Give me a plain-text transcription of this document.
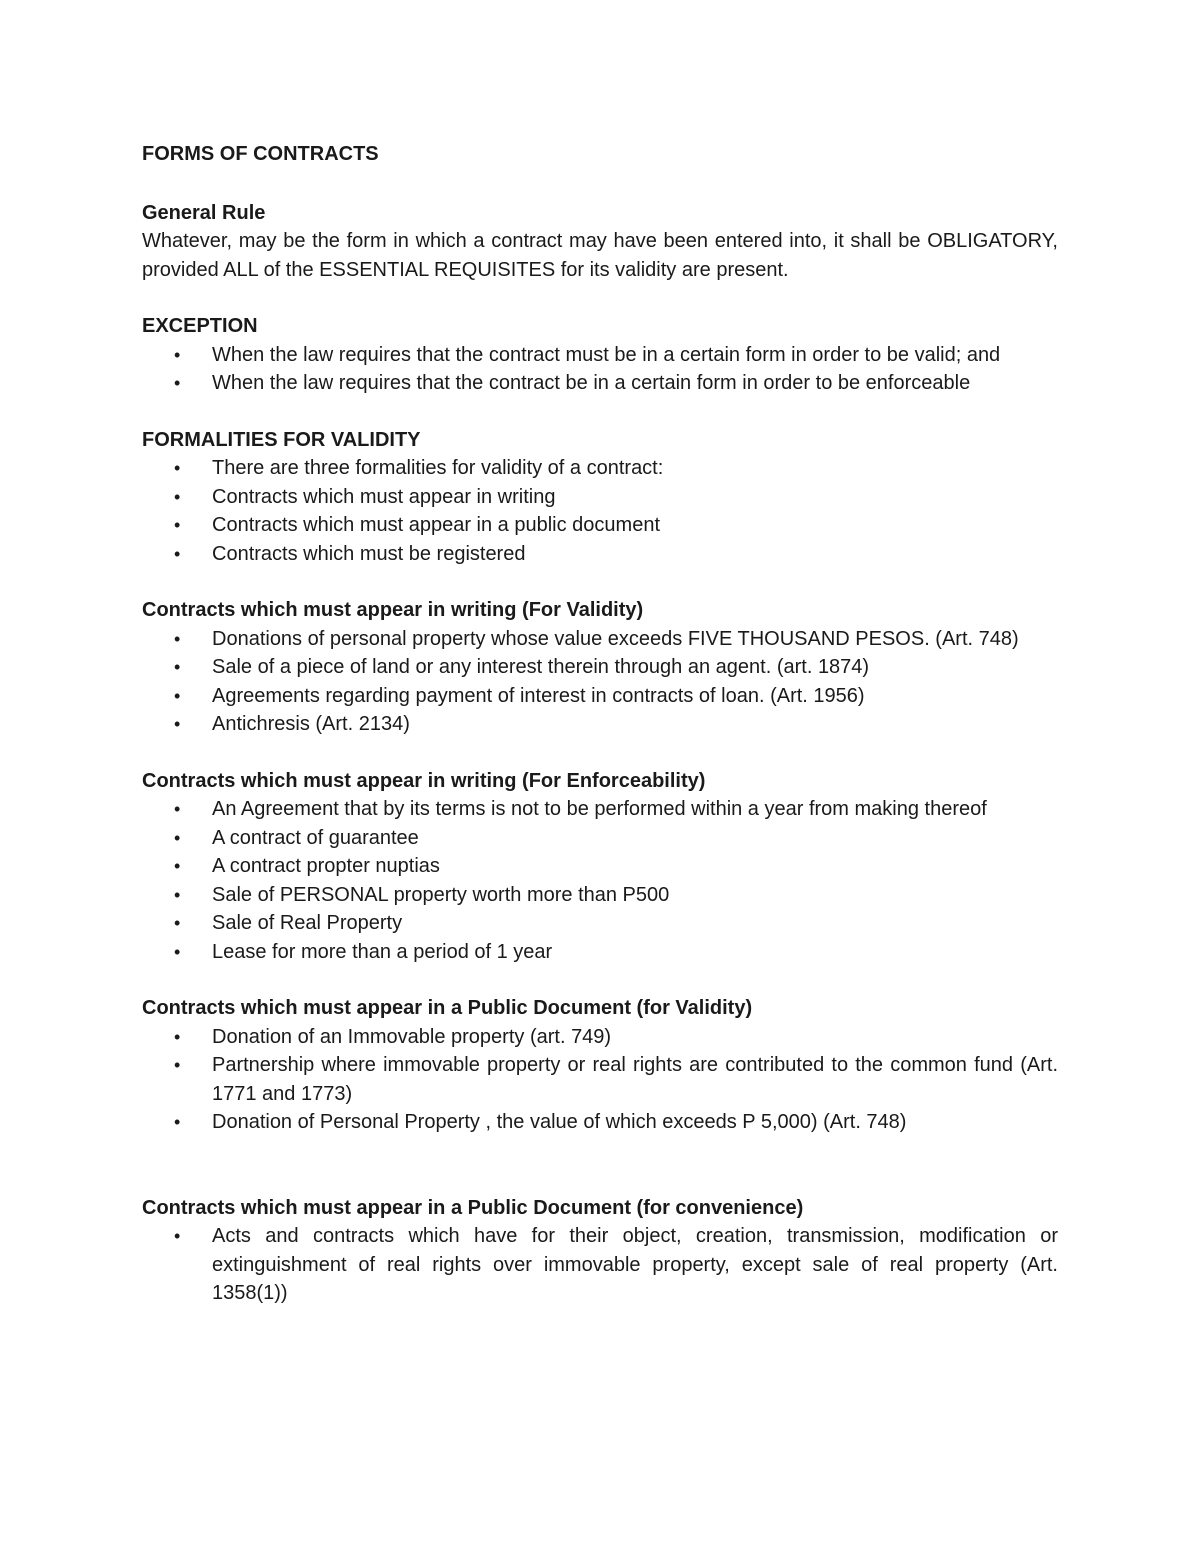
FORMS OF CONTRACTS

General Rule

Whatever, may be the form in which a contract may have been entered into, it shall be OBLIGATORY, provided ALL of the ESSENTIAL REQUISITES for its validity are present.

EXCEPTION

• When the law requires that the contract must be in a certain form in order to be valid; and
• When the law requires that the contract be in a certain form in order to be enforceable

FORMALITIES FOR VALIDITY

• There are three formalities for validity of a contract:
• Contracts which must appear in writing
• Contracts which must appear in a public document
• Contracts which must be registered

Contracts which must appear in writing (For Validity)

• Donations of personal property whose value exceeds FIVE THOUSAND PESOS. (Art. 748)
• Sale of a piece of land or any interest therein through an agent. (art. 1874)
• Agreements regarding payment of interest in contracts of loan. (Art. 1956)
• Antichresis (Art. 2134)

Contracts which must appear in writing (For Enforceability)

• An Agreement that by its terms is not to be performed within a year from making thereof
• A contract of guarantee
• A contract propter nuptias
• Sale of PERSONAL property worth more than P500
• Sale of Real Property
• Lease for more than a period of 1 year

Contracts which must appear in a Public Document (for Validity)

• Donation of an Immovable property (art. 749)
• Partnership where immovable property or real rights are contributed to the common fund (Art. 1771 and 1773)
• Donation of Personal Property , the value of which exceeds P 5,000) (Art. 748)

Contracts which must appear in a Public Document (for convenience)

• Acts and contracts which have for their object, creation, transmission, modification or extinguishment of real rights over immovable property, except sale of real property (Art. 1358(1))
